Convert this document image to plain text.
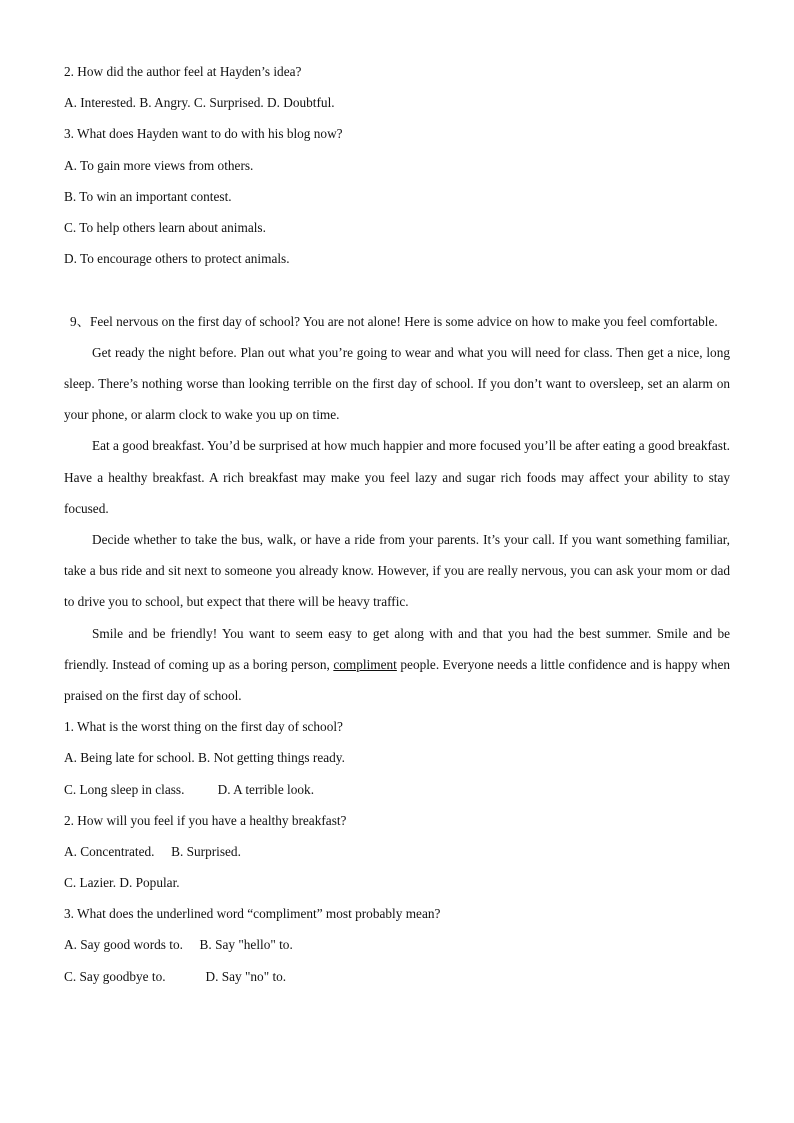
2. How did the author feel at Hayden’s idea?
A. Interested. B. Angry. C. Surprised. D. Doubtful.
3. What does Hayden want to do with his blog now?
A. To gain more views from others.
B. To win an important contest.
C. To help others learn about animals.
D. To encourage others to protect animals.

9、Feel nervous on the first day of school? You are not alone! Here is some advice on how to make you feel comfortable.

Get ready the night before. Plan out what you’re going to wear and what you will need for class. Then get a nice, long sleep. There’s nothing worse than looking terrible on the first day of school. If you don’t want to oversleep, set an alarm on your phone, or alarm clock to wake you up on time.

Eat a good breakfast. You’d be surprised at how much happier and more focused you’ll be after eating a good breakfast. Have a healthy breakfast. A rich breakfast may make you feel lazy and sugar rich foods may affect your ability to stay focused.

Decide whether to take the bus, walk, or have a ride from your parents. It’s your call. If you want something familiar, take a bus ride and sit next to someone you already know. However, if you are really nervous, you can ask your mom or dad to drive you to school, but expect that there will be heavy traffic.

Smile and be friendly! You want to seem easy to get along with and that you had the best summer. Smile and be friendly. Instead of coming up as a boring person, compliment people. Everyone needs a little confidence and is happy when praised on the first day of school.

1. What is the worst thing on the first day of school?
A. Being late for school. B. Not getting things ready.
C. Long sleep in class.          D. A terrible look.
2. How will you feel if you have a healthy breakfast?
A. Concentrated.     B. Surprised.
C. Lazier. D. Popular.
3. What does the underlined word “compliment” most probably mean?
A. Say good words to.     B. Say "hello" to.
C. Say goodbye to.            D. Say "no" to.
